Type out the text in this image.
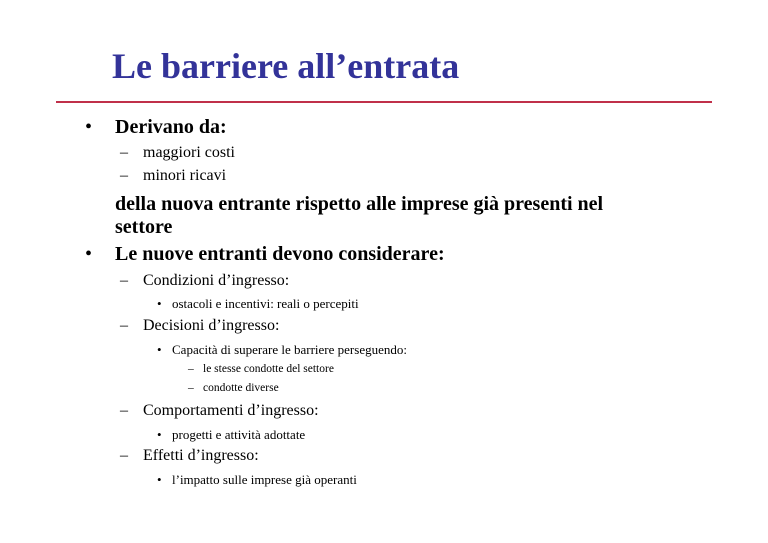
Le barriere all’entrata
• Derivano da:
– maggiori costi
– minori ricavi
della nuova entrante rispetto alle imprese già presenti nel
settore
• Le nuove entranti devono considerare:
– Condizioni d’ingresso:
• ostacoli e incentivi: reali o percepiti
– Decisioni d’ingresso:
• Capacità di superare le barriere perseguendo:
– le stesse condotte del settore
– condotte diverse
– Comportamenti d’ingresso:
• progetti e attività adottate
– Effetti d’ingresso:
• l’impatto sulle imprese già operanti
